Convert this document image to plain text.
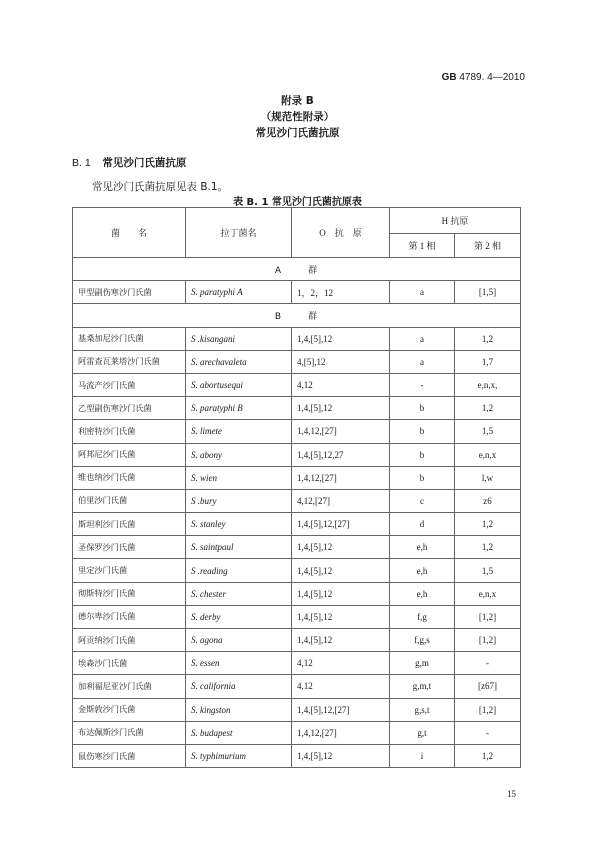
GB 4789. 4—2010
附录 B
（规范性附录）
常见沙门氏菌抗原
B. 1 常见沙门氏菌抗原
常见沙门氏菌抗原见表 B.1。
表 B. 1 常见沙门氏菌抗原表
菌　　名	拉丁菌名	O　抗　原	H 抗原	
			第 1 相	第 2 相
A 群				
甲型副伤寒沙门氏菌	S. paratyphi A	1，2，12	a	[1,5]
B 群				
基桑加尼沙门氏菌	S .kisangani	1,4,[5],12	a	1,2
阿雷查瓦莱塔沙门氏菌	S. arechavaleta	4,[5],12	a	1,7
马流产沙门氏菌	S. abortusequi	4,12	-	e,n,x,
乙型副伤寒沙门氏菌	S. paratyphi B	1,4,[5],12	b	1,2
利密特沙门氏菌	S. limete	1,4,12,[27]	b	1,5
阿邦尼沙门氏菌	S. abony	1,4,[5],12,27	b	e,n,x
维也纳沙门氏菌	S. wien	1,4,12,[27]	b	l,w
伯里沙门氏菌	S .bury	4,12,[27]	c	z6
斯坦利沙门氏菌	S. stanley	1,4,[5],12,[27]	d	1,2
圣保罗沙门氏菌	S. saintpaul	1,4,[5],12	e,h	1,2
里定沙门氏菌	S .reading	1,4,[5],12	e,h	1,5
彻斯特沙门氏菌	S. chester	1,4,[5],12	e,h	e,n,x
德尔卑沙门氏菌	S. derby	1,4,[5],12	f,g	[1,2]
阿贡纳沙门氏菌	S. agona	1,4,[5],12	f,g,s	[1,2]
埃森沙门氏菌	S. essen	4,12	g,m	-
加利福尼亚沙门氏菌	S. california	4,12	g,m,t	[z67]
金斯敦沙门氏菌	S. kingston	1,4,[5],12,[27]	g,s,t	[1,2]
布达佩斯沙门氏菌	S. budapest	1,4,12,[27]	g,t	-
鼠伤寒沙门氏菌	S. typhimurium	1,4,[5],12	i	1,2
15
